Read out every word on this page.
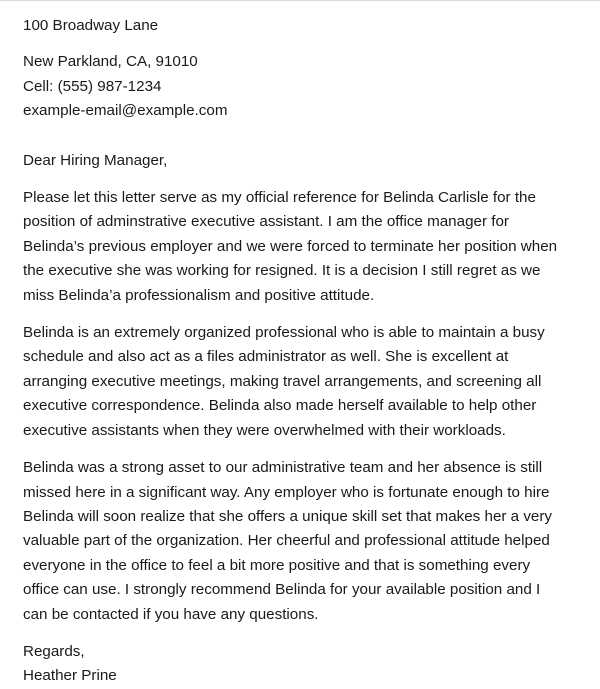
100 Broadway Lane
New Parkland, CA, 91010
Cell: (555) 987-1234
example-email@example.com
Dear Hiring Manager,
Please let this letter serve as my official reference for Belinda Carlisle for the
position of adminstrative executive assistant. I am the office manager for
Belinda’s previous employer and we were forced to terminate her position when
the executive she was working for resigned. It is a decision I still regret as we
miss Belinda’a professionalism and positive attitude.
Belinda is an extremely organized professional who is able to maintain a busy
schedule and also act as a files administrator as well. She is excellent at
arranging executive meetings, making travel arrangements, and screening all
executive correspondence. Belinda also made herself available to help other
executive assistants when they were overwhelmed with their workloads.
Belinda was a strong asset to our administrative team and her absence is still
missed here in a significant way. Any employer who is fortunate enough to hire
Belinda will soon realize that she offers a unique skill set that makes her a very
valuable part of the organization. Her cheerful and professional attitude helped
everyone in the office to feel a bit more positive and that is something every
office can use. I strongly recommend Belinda for your available position and I
can be contacted if you have any questions.
Regards,
Heather Prine
